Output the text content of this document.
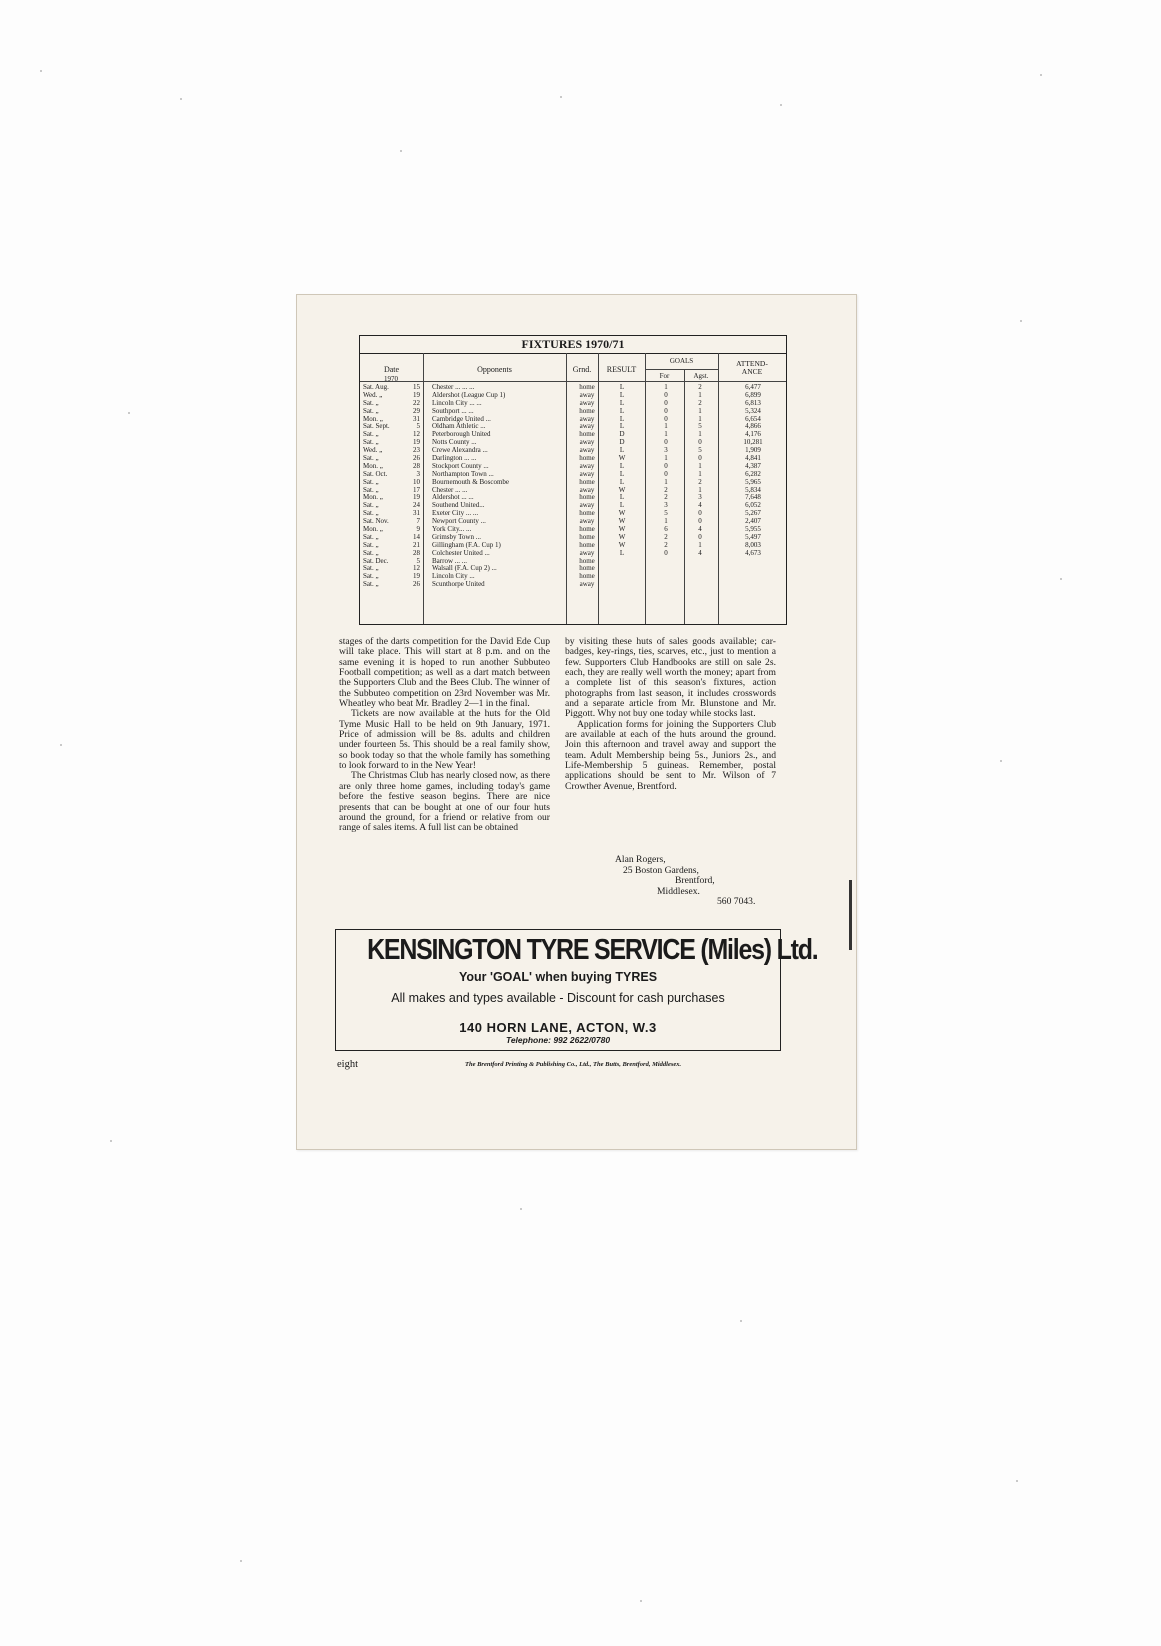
FIXTURES 1970/71
Date	Opponents	Grnd.	RESULT
GOALS
For	Agst.
ATTEND-
ANCE
1970
Sat. Aug.	15 Chester ... ... ...	home	L	1	2	6,477
Wed. „	19 Aldershot (League Cup 1)	away	L	0	1	6,899
Sat. „	22 Lincoln City ... ...	away	L	0	2	6,813
Sat. „	29 Southport ... ...	home	L	0	1	5,324
Mon. „	31 Cambridge United ...	away	L	0	1	6,654
Sat. Sept.	5 Oldham Athletic ...	away	L	1	5	4,866
Sat. „	12 Peterborough United	home	D	1	1	4,176
Sat. „	19 Notts County ...	away	D	0	0	10,281
Wed. „	23 Crewe Alexandra ...	away	L	3	5	1,909
Sat. „	26 Darlington ... ...	home	W	1	0	4,841
Mon. „	28 Stockport County ...	away	L	0	1	4,387
Sat. Oct.	3 Northampton Town ...	away	L	0	1	6,282
Sat. „	10 Bournemouth & Boscombe	home	L	1	2	5,965
Sat. „	17 Chester ... ...	away	W	2	1	5,834
Mon. „	19 Aldershot ... ...	home	L	2	3	7,648
Sat. „	24 Southend United...	away	L	3	4	6,052
Sat. „	31 Exeter City ... ...	home	W	5	0	5,267
Sat. Nov.	7 Newport County ...	away	W	1	0	2,407
Mon. „	9 York City... ...	home	W	6	4	5,955
Sat. „	14 Grimsby Town ...	home	W	2	0	5,497
Sat. „	21 Gillingham (F.A. Cup 1)	home	W	2	1	8,003
Sat. „	28 Colchester United ...	away	L	0	4	4,673
Sat. Dec.	5 Barrow ... ...	home
Sat. „	12 Walsall (F.A. Cup 2) ...	home
Sat. „	19 Lincoln City ...	home
Sat. „	26 Scunthorpe United	away

stages of the darts competition for the David Ede Cup will take place. This will start at 8 p.m. and on the same evening it is hoped to run another Subbuteo Football competition; as well as a dart match between the Supporters Club and the Bees Club. The winner of the Subbuteo competition on 23rd November was Mr. Wheatley who beat Mr. Bradley 2—1 in the final.

Tickets are now available at the huts for the Old Tyme Music Hall to be held on 9th January, 1971. Price of admission will be 8s. adults and children under fourteen 5s. This should be a real family show, so book today so that the whole family has something to look forward to in the New Year!

The Christmas Club has nearly closed now, as there are only three home games, including today's game before the festive season begins. There are nice presents that can be bought at one of our four huts around the ground, for a friend or relative from our range of sales items. A full list can be obtained

by visiting these huts of sales goods available; car-badges, key-rings, ties, scarves, etc., just to mention a few. Supporters Club Handbooks are still on sale 2s. each, they are really well worth the money; apart from a complete list of this season's fixtures, action photographs from last season, it includes crosswords and a separate article from Mr. Blunstone and Mr. Piggott. Why not buy one today while stocks last.

Application forms for joining the Supporters Club are available at each of the huts around the ground. Join this afternoon and travel away and support the team. Adult Membership being 5s., Juniors 2s., and Life-Membership 5 guineas. Remember, postal applications should be sent to Mr. Wilson of 7 Crowther Avenue, Brentford.

Alan Rogers,
25 Boston Gardens,
Brentford,
Middlesex.
560 7043.
KENSINGTON TYRE SERVICE (Miles) Ltd.
Your 'GOAL' when buying TYRES
All makes and types available - Discount for cash purchases
140 HORN LANE, ACTON, W.3
Telephone: 992 2622/0780
eight	The Brentford Printing & Publishing Co., Ltd., The Butts, Brentford, Middlesex.
